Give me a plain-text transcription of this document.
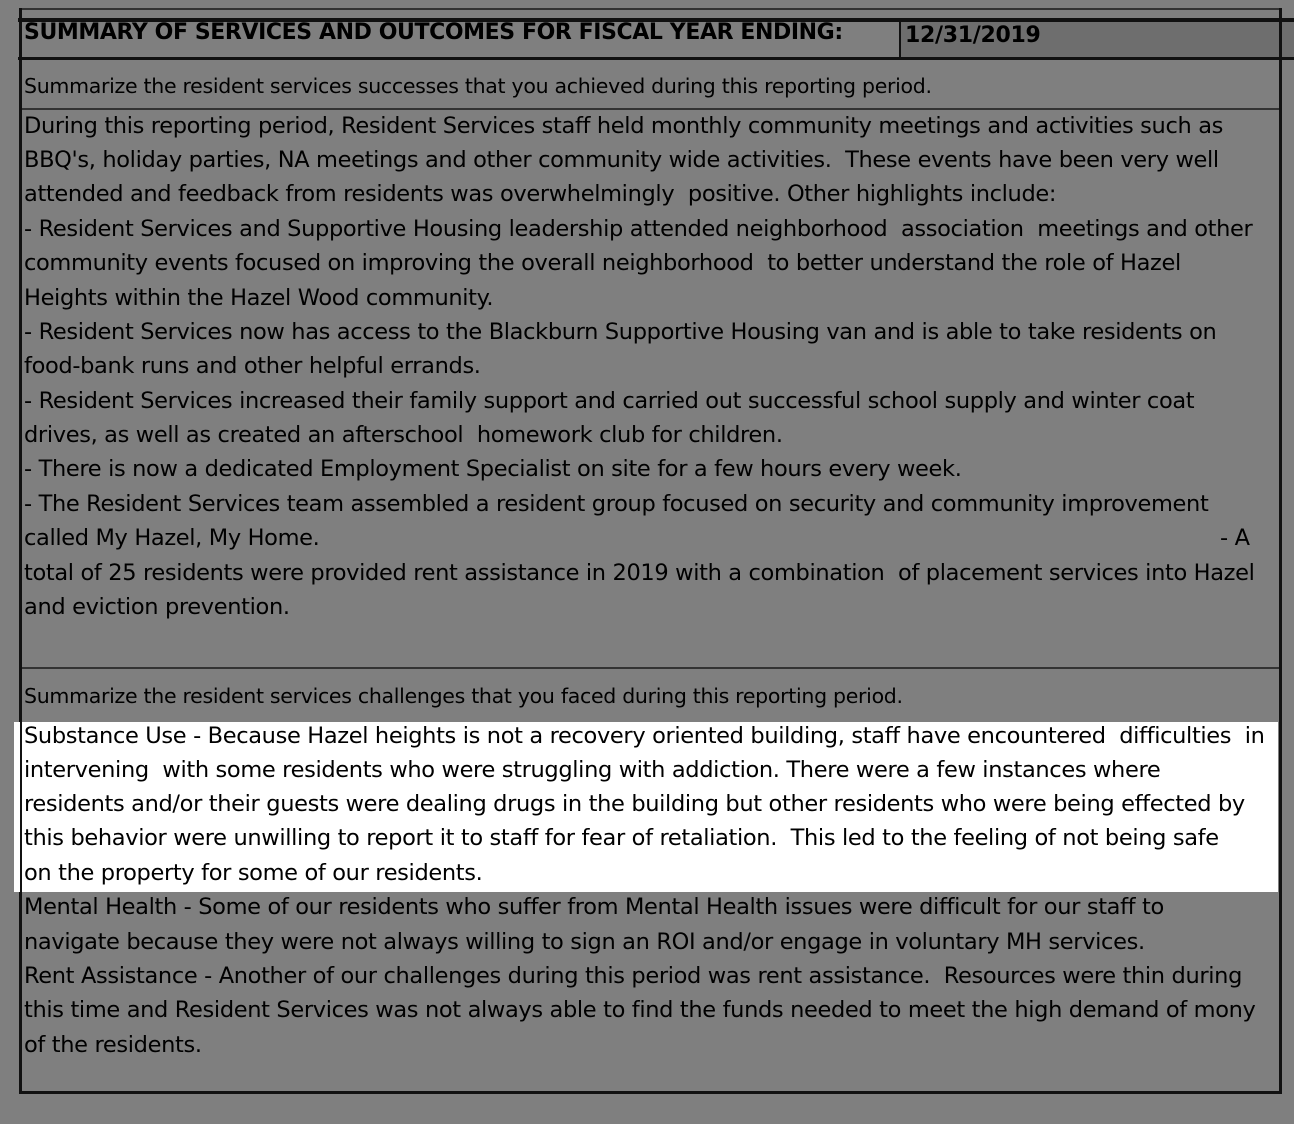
SUMMARY OF SERVICES AND OUTCOMES FOR FISCAL YEAR ENDING:	12/31/2019
Summarize the resident services successes that you achieved during this reporting period.
During this reporting period, Resident Services staff held monthly community meetings and activities such as
BBQ's, holiday parties, NA meetings and other community wide activities.  These events have been very well
attended and feedback from residents was overwhelmingly  positive. Other highlights include:
- Resident Services and Supportive Housing leadership attended neighborhood  association  meetings and other
community events focused on improving the overall neighborhood  to better understand the role of Hazel
Heights within the Hazel Wood community.
- Resident Services now has access to the Blackburn Supportive Housing van and is able to take residents on
food-bank runs and other helpful errands.
- Resident Services increased their family support and carried out successful school supply and winter coat
drives, as well as created an afterschool  homework club for children.
- There is now a dedicated Employment Specialist on site for a few hours every week.
- The Resident Services team assembled a resident group focused on security and community improvement
called My Hazel, My Home.	- A
total of 25 residents were provided rent assistance in 2019 with a combination  of placement services into Hazel
and eviction prevention.
Summarize the resident services challenges that you faced during this reporting period.
Substance Use - Because Hazel heights is not a recovery oriented building, staff have encountered  difficulties  in
intervening  with some residents who were struggling with addiction. There were a few instances where
residents and/or their guests were dealing drugs in the building but other residents who were being effected by
this behavior were unwilling to report it to staff for fear of retaliation.  This led to the feeling of not being safe
on the property for some of our residents.
Mental Health - Some of our residents who suffer from Mental Health issues were difficult for our staff to
navigate because they were not always willing to sign an ROI and/or engage in voluntary MH services.
Rent Assistance - Another of our challenges during this period was rent assistance.  Resources were thin during
this time and Resident Services was not always able to find the funds needed to meet the high demand of mony
of the residents.
